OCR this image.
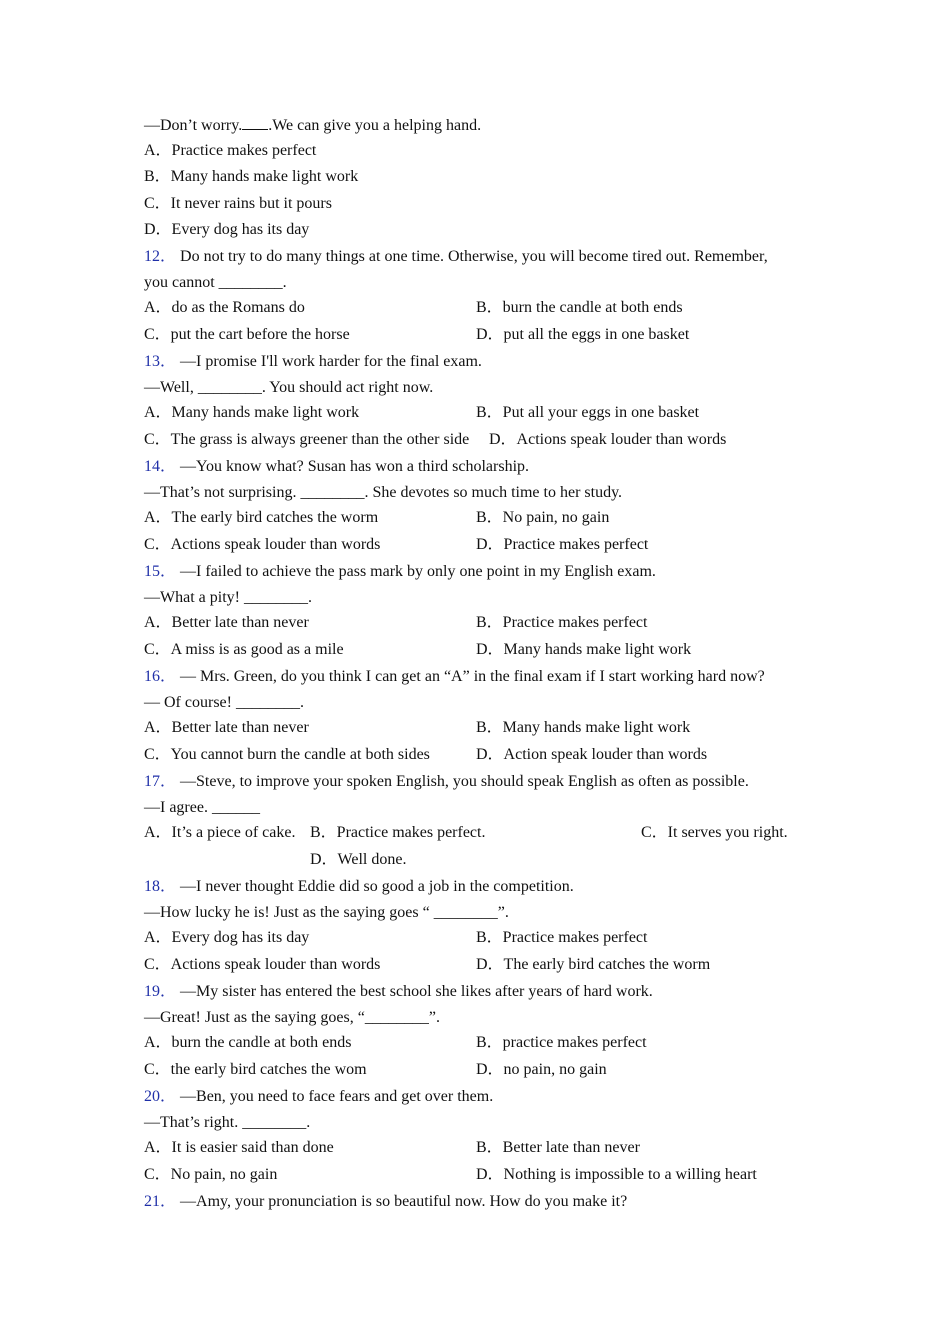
—Don’t worry. .We can give you a helping hand.
A．Practice makes perfect
B．Many hands make light work
C．It never rains but it pours
D．Every dog has its day
12． Do not try to do many things at one time. Otherwise, you will become tired out. Remember,
you cannot ________.
A．do as the Romans do	B．burn the candle at both ends
C．put the cart before the horse	D．put all the eggs in one basket
13． —I promise I'll work harder for the final exam.
—Well, ________. You should act right now.
A．Many hands make light work	B．Put all your eggs in one basket
C．The grass is always greener than the other side D．Actions speak louder than words
14． —You know what? Susan has won a third scholarship.
—That’s not surprising. ________. She devotes so much time to her study.
A．The early bird catches the worm	B．No pain, no gain
C．Actions speak louder than words	D．Practice makes perfect
15． —I failed to achieve the pass mark by only one point in my English exam.
—What a pity! ________.
A．Better late than never	B．Practice makes perfect
C．A miss is as good as a mile	D．Many hands make light work
16． — Mrs. Green, do you think I can get an “A” in the final exam if I start working hard now?
— Of course! ________.
A．Better late than never	B．Many hands make light work
C．You cannot burn the candle at both sides	D．Action speak louder than words
17． —Steve, to improve your spoken English, you should speak English as often as possible.
—I agree. ______
A．It’s a piece of cake. B．Practice makes perfect.	C．It serves you right.
D．Well done.
18． —I never thought Eddie did so good a job in the competition.
—How lucky he is! Just as the saying goes “ ________”.
A．Every dog has its day	B．Practice makes perfect
C．Actions speak louder than words	D．The early bird catches the worm
19． —My sister has entered the best school she likes after years of hard work.
—Great! Just as the saying goes, “________”.
A．burn the candle at both ends	B．practice makes perfect
C．the early bird catches the wom	D．no pain, no gain
20． —Ben, you need to face fears and get over them.
—That’s right. ________.
A．It is easier said than done	B．Better late than never
C．No pain, no gain	D．Nothing is impossible to a willing heart
21． —Amy, your pronunciation is so beautiful now. How do you make it?
